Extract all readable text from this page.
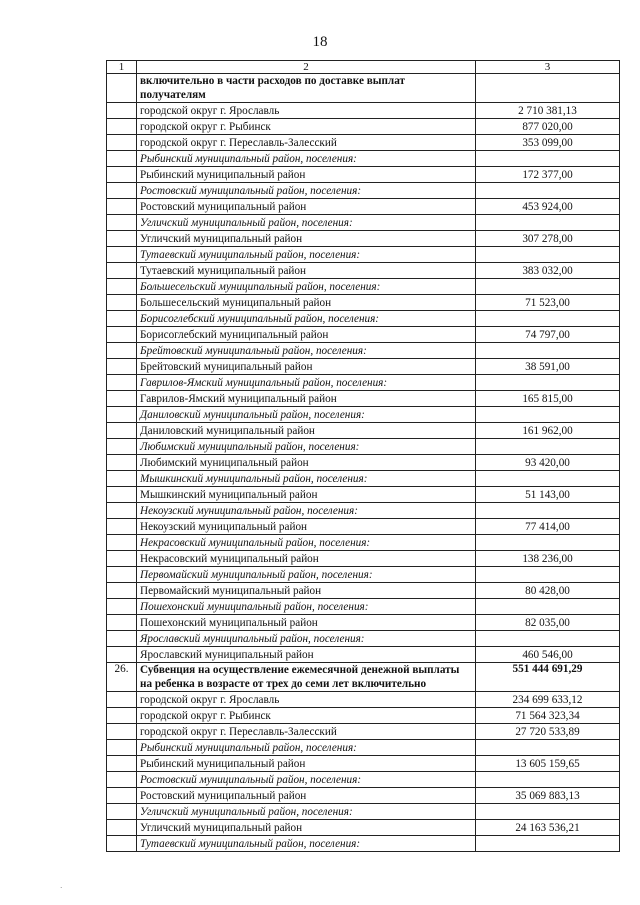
18
1	2	3
	включительно в части расходов по доставке выплат получателям	
	городской округ г. Ярославль	2 710 381,13
	городской округ г. Рыбинск	877 020,00
	городской округ г. Переславль-Залесский	353 099,00
	Рыбинский муниципальный район, поселения:	
	Рыбинский муниципальный район	172 377,00
	Ростовский муниципальный район, поселения:	
	Ростовский муниципальный район	453 924,00
	Угличский муниципальный район, поселения:	
	Угличский муниципальный район	307 278,00
	Тутаевский муниципальный район, поселения:	
	Тутаевский муниципальный район	383 032,00
	Большесельский муниципальный район, поселения:	
	Большесельский муниципальный район	71 523,00
	Борисоглебский муниципальный район, поселения:	
	Борисоглебский муниципальный район	74 797,00
	Брейтовский муниципальный район, поселения:	
	Брейтовский муниципальный район	38 591,00
	Гаврилов-Ямский муниципальный район, поселения:	
	Гаврилов-Ямский муниципальный район	165 815,00
	Даниловский муниципальный район, поселения:	
	Даниловский муниципальный район	161 962,00
	Любимский муниципальный район, поселения:	
	Любимский муниципальный район	93 420,00
	Мышкинский муниципальный район, поселения:	
	Мышкинский муниципальный район	51 143,00
	Некоузский муниципальный район, поселения:	
	Некоузский муниципальный район	77 414,00
	Некрасовский муниципальный район, поселения:	
	Некрасовский муниципальный район	138 236,00
	Первомайский муниципальный район, поселения:	
	Первомайский муниципальный район	80 428,00
	Пошехонский муниципальный район, поселения:	
	Пошехонский муниципальный район	82 035,00
	Ярославский муниципальный район, поселения:	
	Ярославский муниципальный район	460 546,00
26.	Субвенция на осуществление ежемесячной денежной выплаты на ребенка в возрасте от трех до семи лет включительно	551 444 691,29
	городской округ г. Ярославль	234 699 633,12
	городской округ г. Рыбинск	71 564 323,34
	городской округ г. Переславль-Залесский	27 720 533,89
	Рыбинский муниципальный район, поселения:	
	Рыбинский муниципальный район	13 605 159,65
	Ростовский муниципальный район, поселения:	
	Ростовский муниципальный район	35 069 883,13
	Угличский муниципальный район, поселения:	
	Угличский муниципальный район	24 163 536,21
	Тутаевский муниципальный район, поселения:	
·
